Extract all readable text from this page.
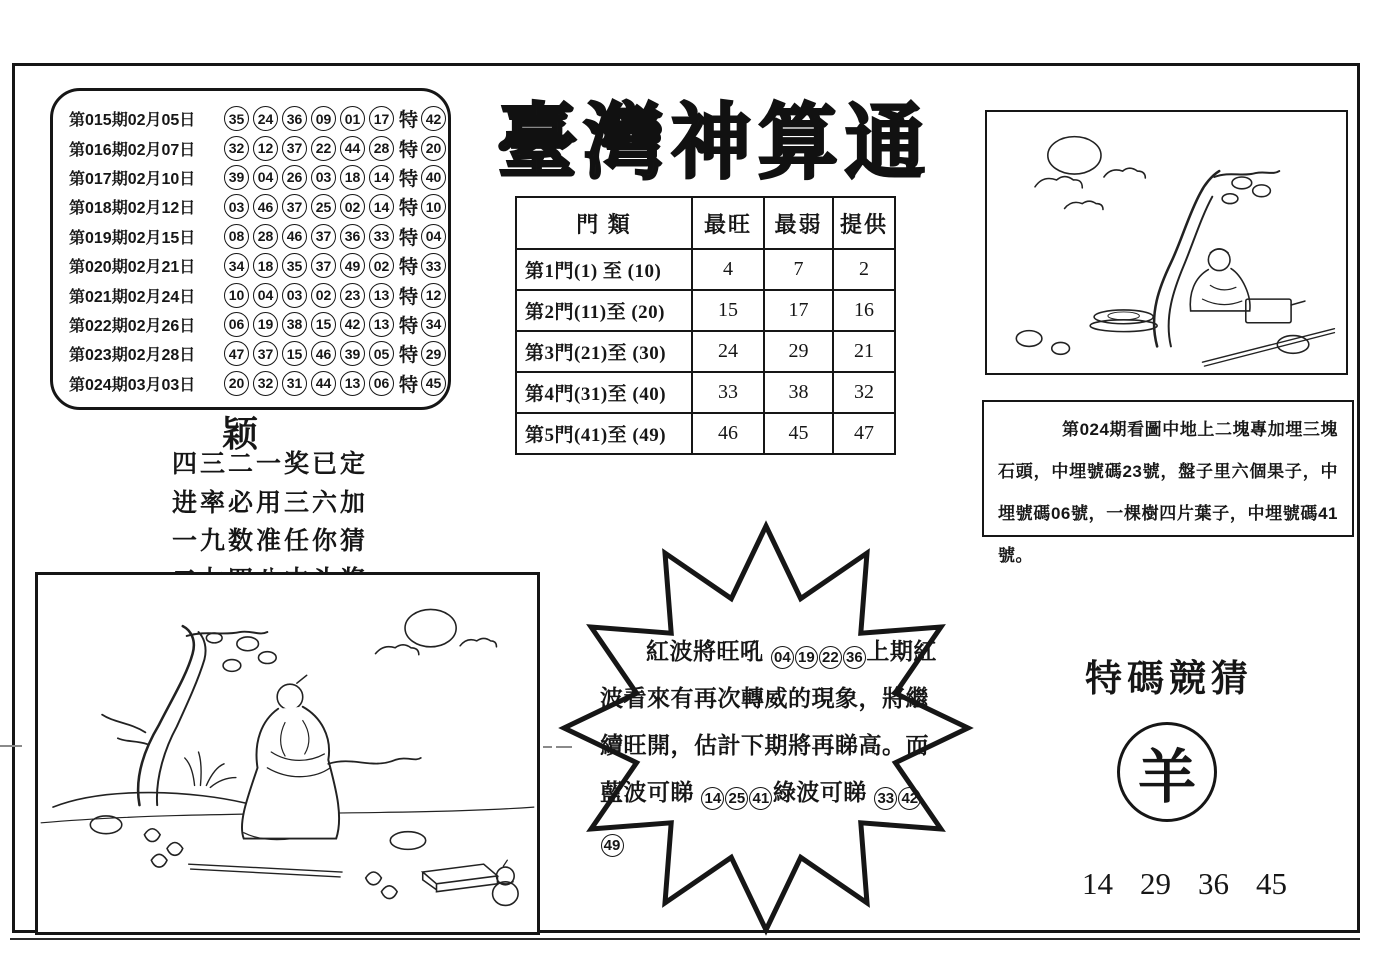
第015期02月05日	35 24 36 09 01 17 特 42
第016期02月07日	32 12 37 22 44 28 特 20
第017期02月10日	39 04 26 03 18 14 特 40
第018期02月12日	03 46 37 25 02 14 特 10
第019期02月15日	08 28 46 37 36 33 特 04
第020期02月21日	34 18 35 37 49 02 特 33
第021期02月24日	10 04 03 02 23 13 特 12
第022期02月26日	06 19 38 15 42 13 特 34
第023期02月28日	47 37 15 46 39 05 特 29
第024期03月03日	20 32 31 44 13 06 特 45
臺灣神算通
門 類	最旺	最弱	提供
第1門(1) 至 (10)	4	7	2
第2門(11)至 (20)	15	17	16
第3門(21)至 (30)	24	29	21
第4門(31)至 (40)	33	38	32
第5門(41)至 (49)	46	45	47
颖
四三二一奖已定
进率必用三六加
一九数准任你猜
第024期看圖中地上二塊專加埋三塊石頭，中埋號碼23號，盤子里六個果子，中埋號碼06號，一棵樹四片葉子，中埋號碼41號。
紅波將旺吼 04 19 22 36 上期紅波看來有再次轉威的現象，將繼續旺開，估計下期將再睇高。而藍波可睇 14 25 41 綠波可睇 33 4249
特碼競猜
羊
14 29 36 45
